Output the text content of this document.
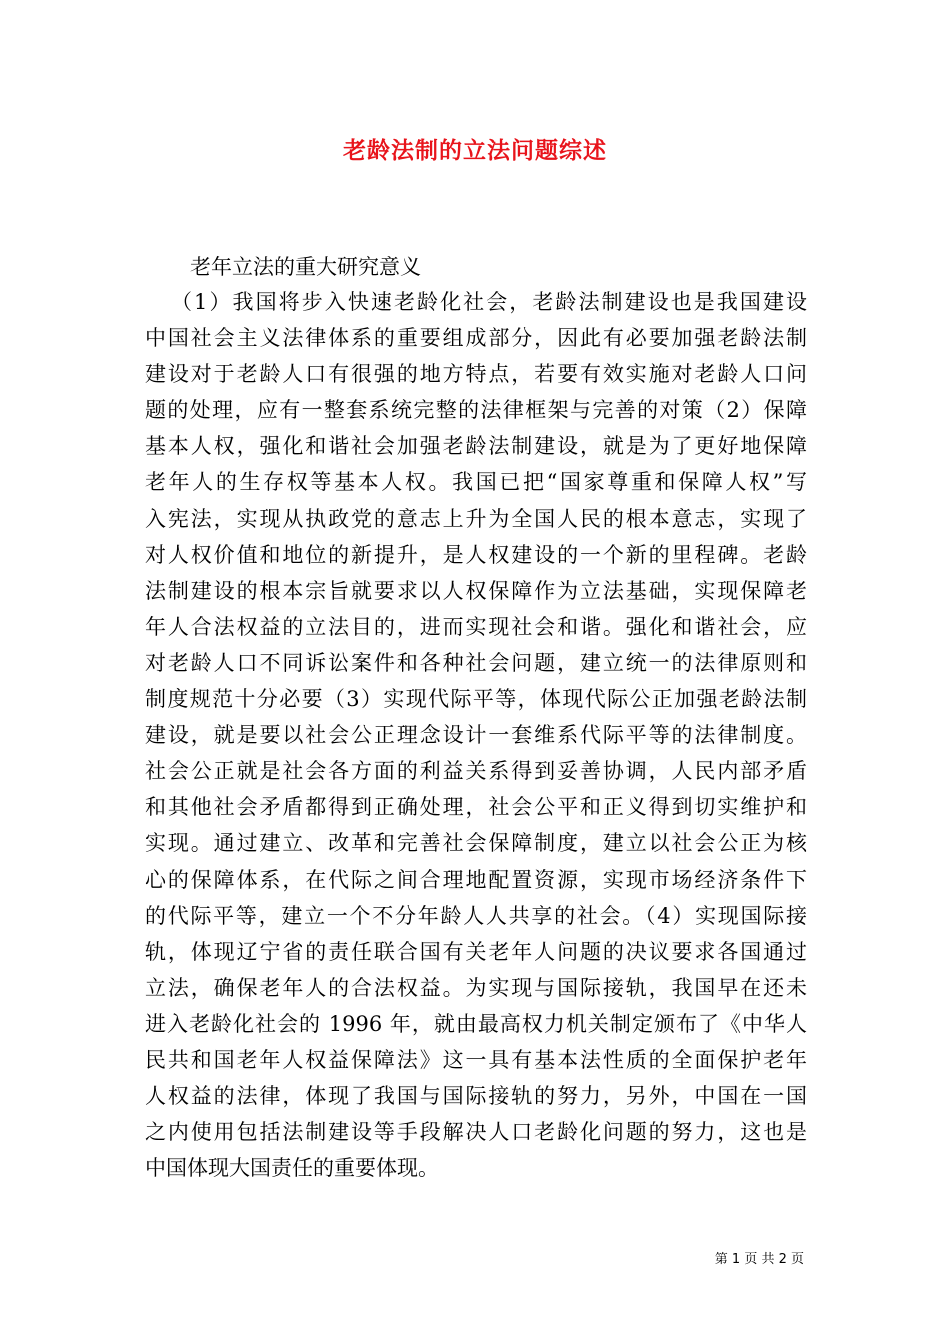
老龄法制的立法问题综述
老年立法的重大研究意义
（1）我国将步入快速老龄化社会，老龄法制建设也是我国建设
中国社会主义法律体系的重要组成部分，因此有必要加强老龄法制
建设对于老龄人口有很强的地方特点，若要有效实施对老龄人口问
题的处理，应有一整套系统完整的法律框架与完善的对策（2）保障
基本人权，强化和谐社会加强老龄法制建设，就是为了更好地保障
老年人的生存权等基本人权。我国已把“国家尊重和保障人权”写
入宪法，实现从执政党的意志上升为全国人民的根本意志，实现了
对人权价值和地位的新提升，是人权建设的一个新的里程碑。老龄
法制建设的根本宗旨就要求以人权保障作为立法基础，实现保障老
年人合法权益的立法目的，进而实现社会和谐。强化和谐社会，应
对老龄人口不同诉讼案件和各种社会问题，建立统一的法律原则和
制度规范十分必要（3）实现代际平等，体现代际公正加强老龄法制
建设，就是要以社会公正理念设计一套维系代际平等的法律制度。
社会公正就是社会各方面的利益关系得到妥善协调，人民内部矛盾
和其他社会矛盾都得到正确处理，社会公平和正义得到切实维护和
实现。通过建立、改革和完善社会保障制度，建立以社会公正为核
心的保障体系，在代际之间合理地配置资源，实现市场经济条件下
的代际平等，建立一个不分年龄人人共享的社会。（4）实现国际接
轨，体现辽宁省的责任联合国有关老年人问题的决议要求各国通过
立法，确保老年人的合法权益。为实现与国际接轨，我国早在还未
进入老龄化社会的 1996 年，就由最高权力机关制定颁布了《中华人
民共和国老年人权益保障法》这一具有基本法性质的全面保护老年
人权益的法律，体现了我国与国际接轨的努力，另外，中国在一国
之内使用包括法制建设等手段解决人口老龄化问题的努力，这也是
中国体现大国责任的重要体现。
第 1 页 共 2 页
